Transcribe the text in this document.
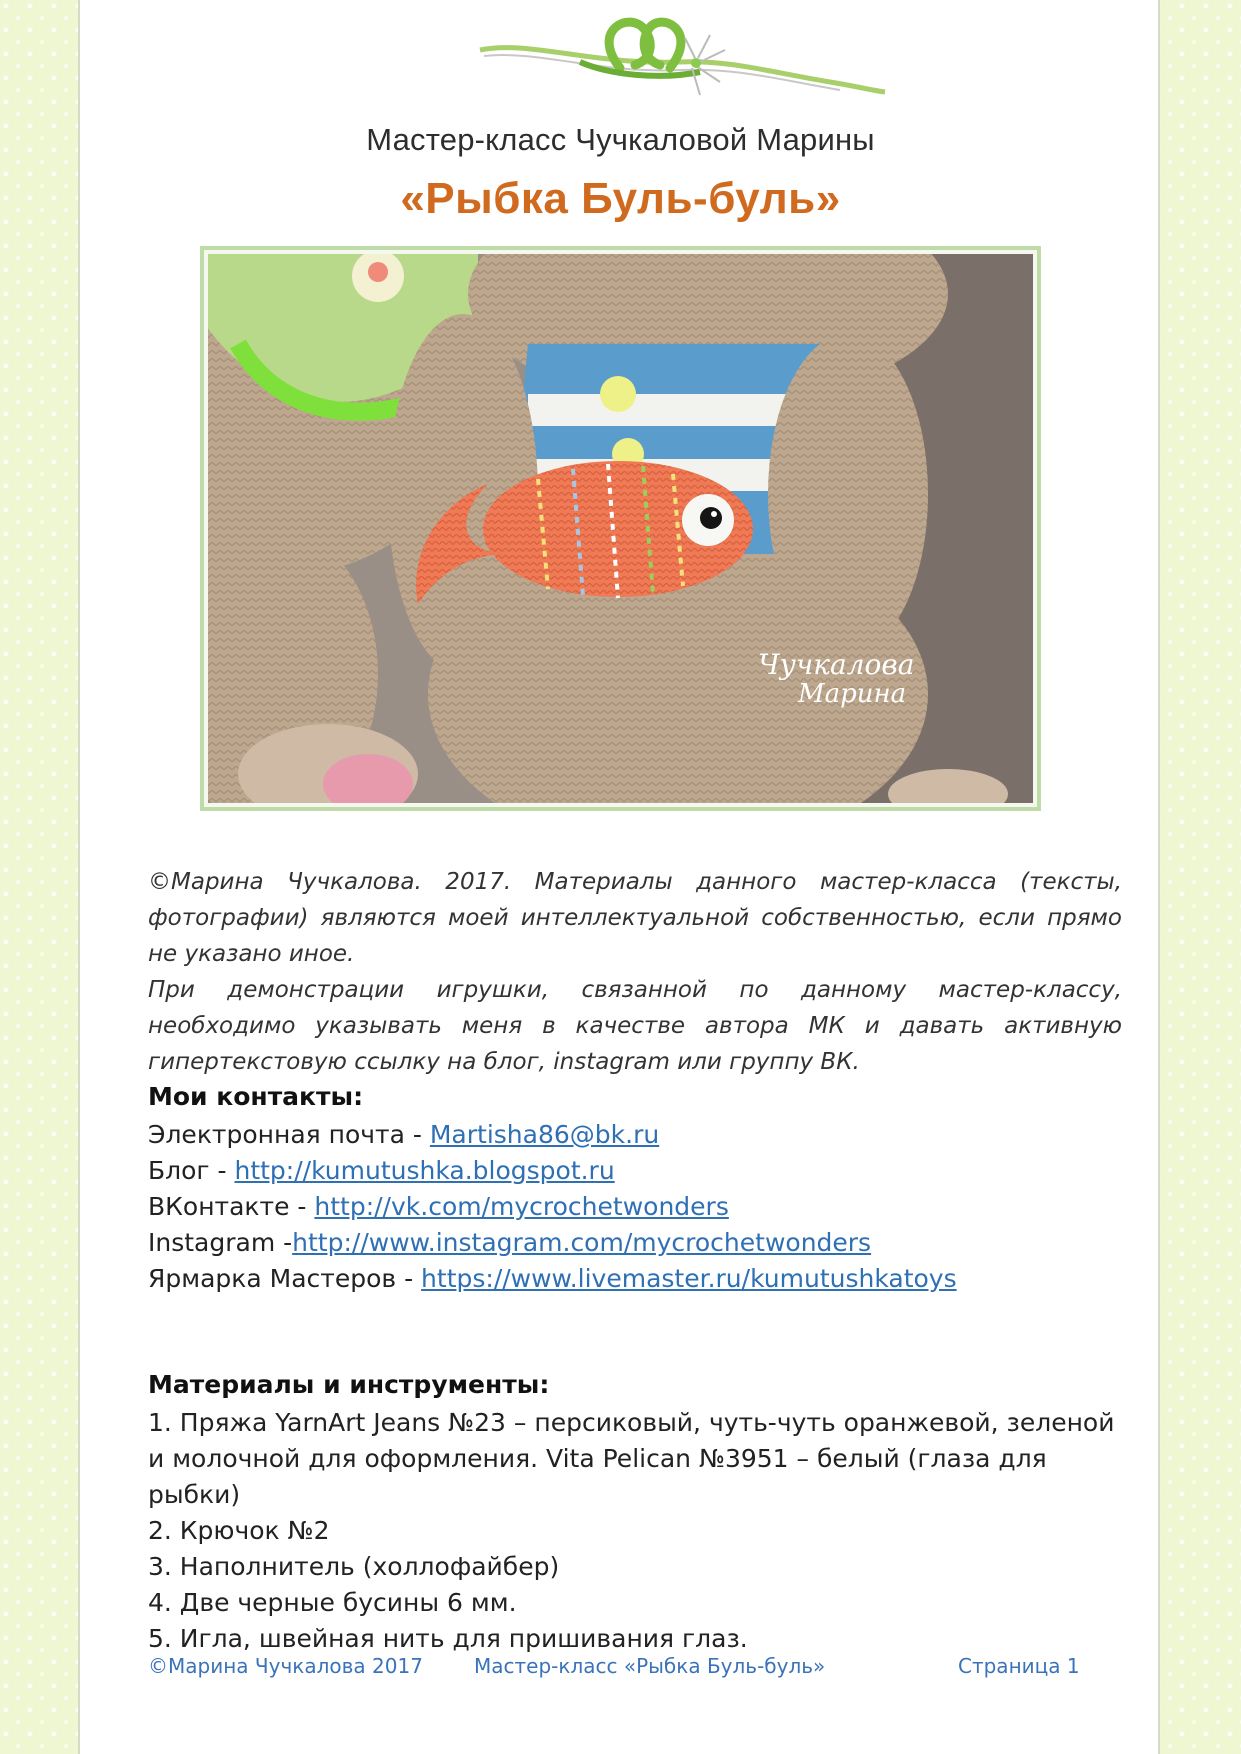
Мастер-класс Чучкаловой Марины
«Рыбка Буль-буль»
Чучкалова
Марина

©Марина Чучкалова. 2017. Материалы данного мастер-класса (тексты, фотографии) являются моей интеллектуальной собственностью, если прямо не указано иное.

При демонстрации игрушки, связанной по данному мастер-классу, необходимо указывать меня в качестве автора МК и давать активную гипертекстовую ссылку на блог, instagram или группу ВК.

Мои контакты:
Электронная почта - Martisha86@bk.ru
Блог - http://kumutushka.blogspot.ru
ВКонтакте - http://vk.com/mycrochetwonders
Instagram -http://www.instagram.com/mycrochetwonders
Ярмарка Мастеров - https://www.livemaster.ru/kumutushkatoys
Материалы и инструменты:
1. Пряжа YarnArt Jeans №23 – персиковый, чуть-чуть оранжевой, зеленой и молочной для оформления. Vita Pelican №3951 – белый (глаза для рыбки)
2. Крючок №2
3. Наполнитель (холлофайбер)
4. Две черные бусины 6 мм.
5. Игла, швейная нить для пришивания глаз.
©Марина Чучкалова 2017	Мастер-класс «Рыбка Буль-буль»	Страница 1
